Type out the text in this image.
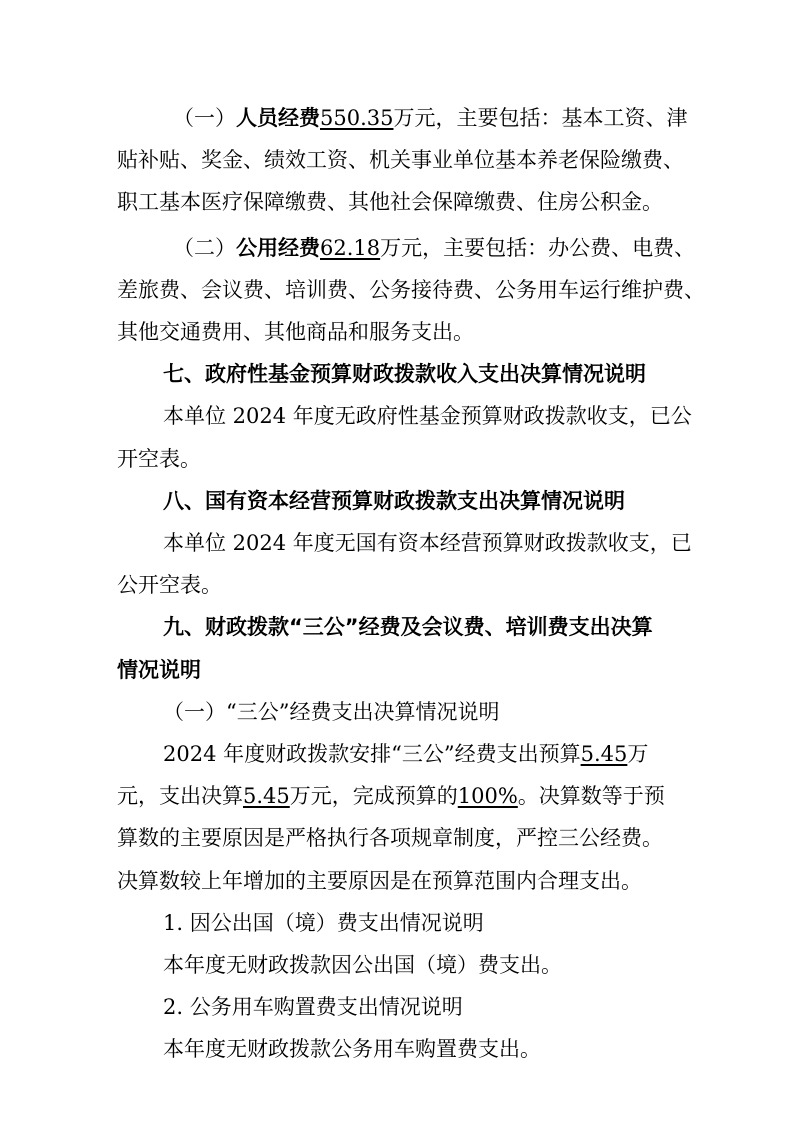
（一）人员经费550.35万元，主要包括：基本工资、津
贴补贴、奖金、绩效工资、机关事业单位基本养老保险缴费、
职工基本医疗保障缴费、其他社会保障缴费、住房公积金。
（二）公用经费62.18万元，主要包括：办公费、电费、
差旅费、会议费、培训费、公务接待费、公务用车运行维护费、
其他交通费用、其他商品和服务支出。
七、政府性基金预算财政拨款收入支出决算情况说明
本单位 2024 年度无政府性基金预算财政拨款收支，已公
开空表。
八、国有资本经营预算财政拨款支出决算情况说明
本单位 2024 年度无国有资本经营预算财政拨款收支，已
公开空表。
九、财政拨款“三公”经费及会议费、培训费支出决算
情况说明
（一）“三公”经费支出决算情况说明
2024 年度财政拨款安排“三公”经费支出预算5.45万
元，支出决算5.45万元，完成预算的100%。决算数等于预
算数的主要原因是严格执行各项规章制度，严控三公经费。
决算数较上年增加的主要原因是在预算范围内合理支出。
1. 因公出国（境）费支出情况说明
本年度无财政拨款因公出国（境）费支出。
2. 公务用车购置费支出情况说明
本年度无财政拨款公务用车购置费支出。
